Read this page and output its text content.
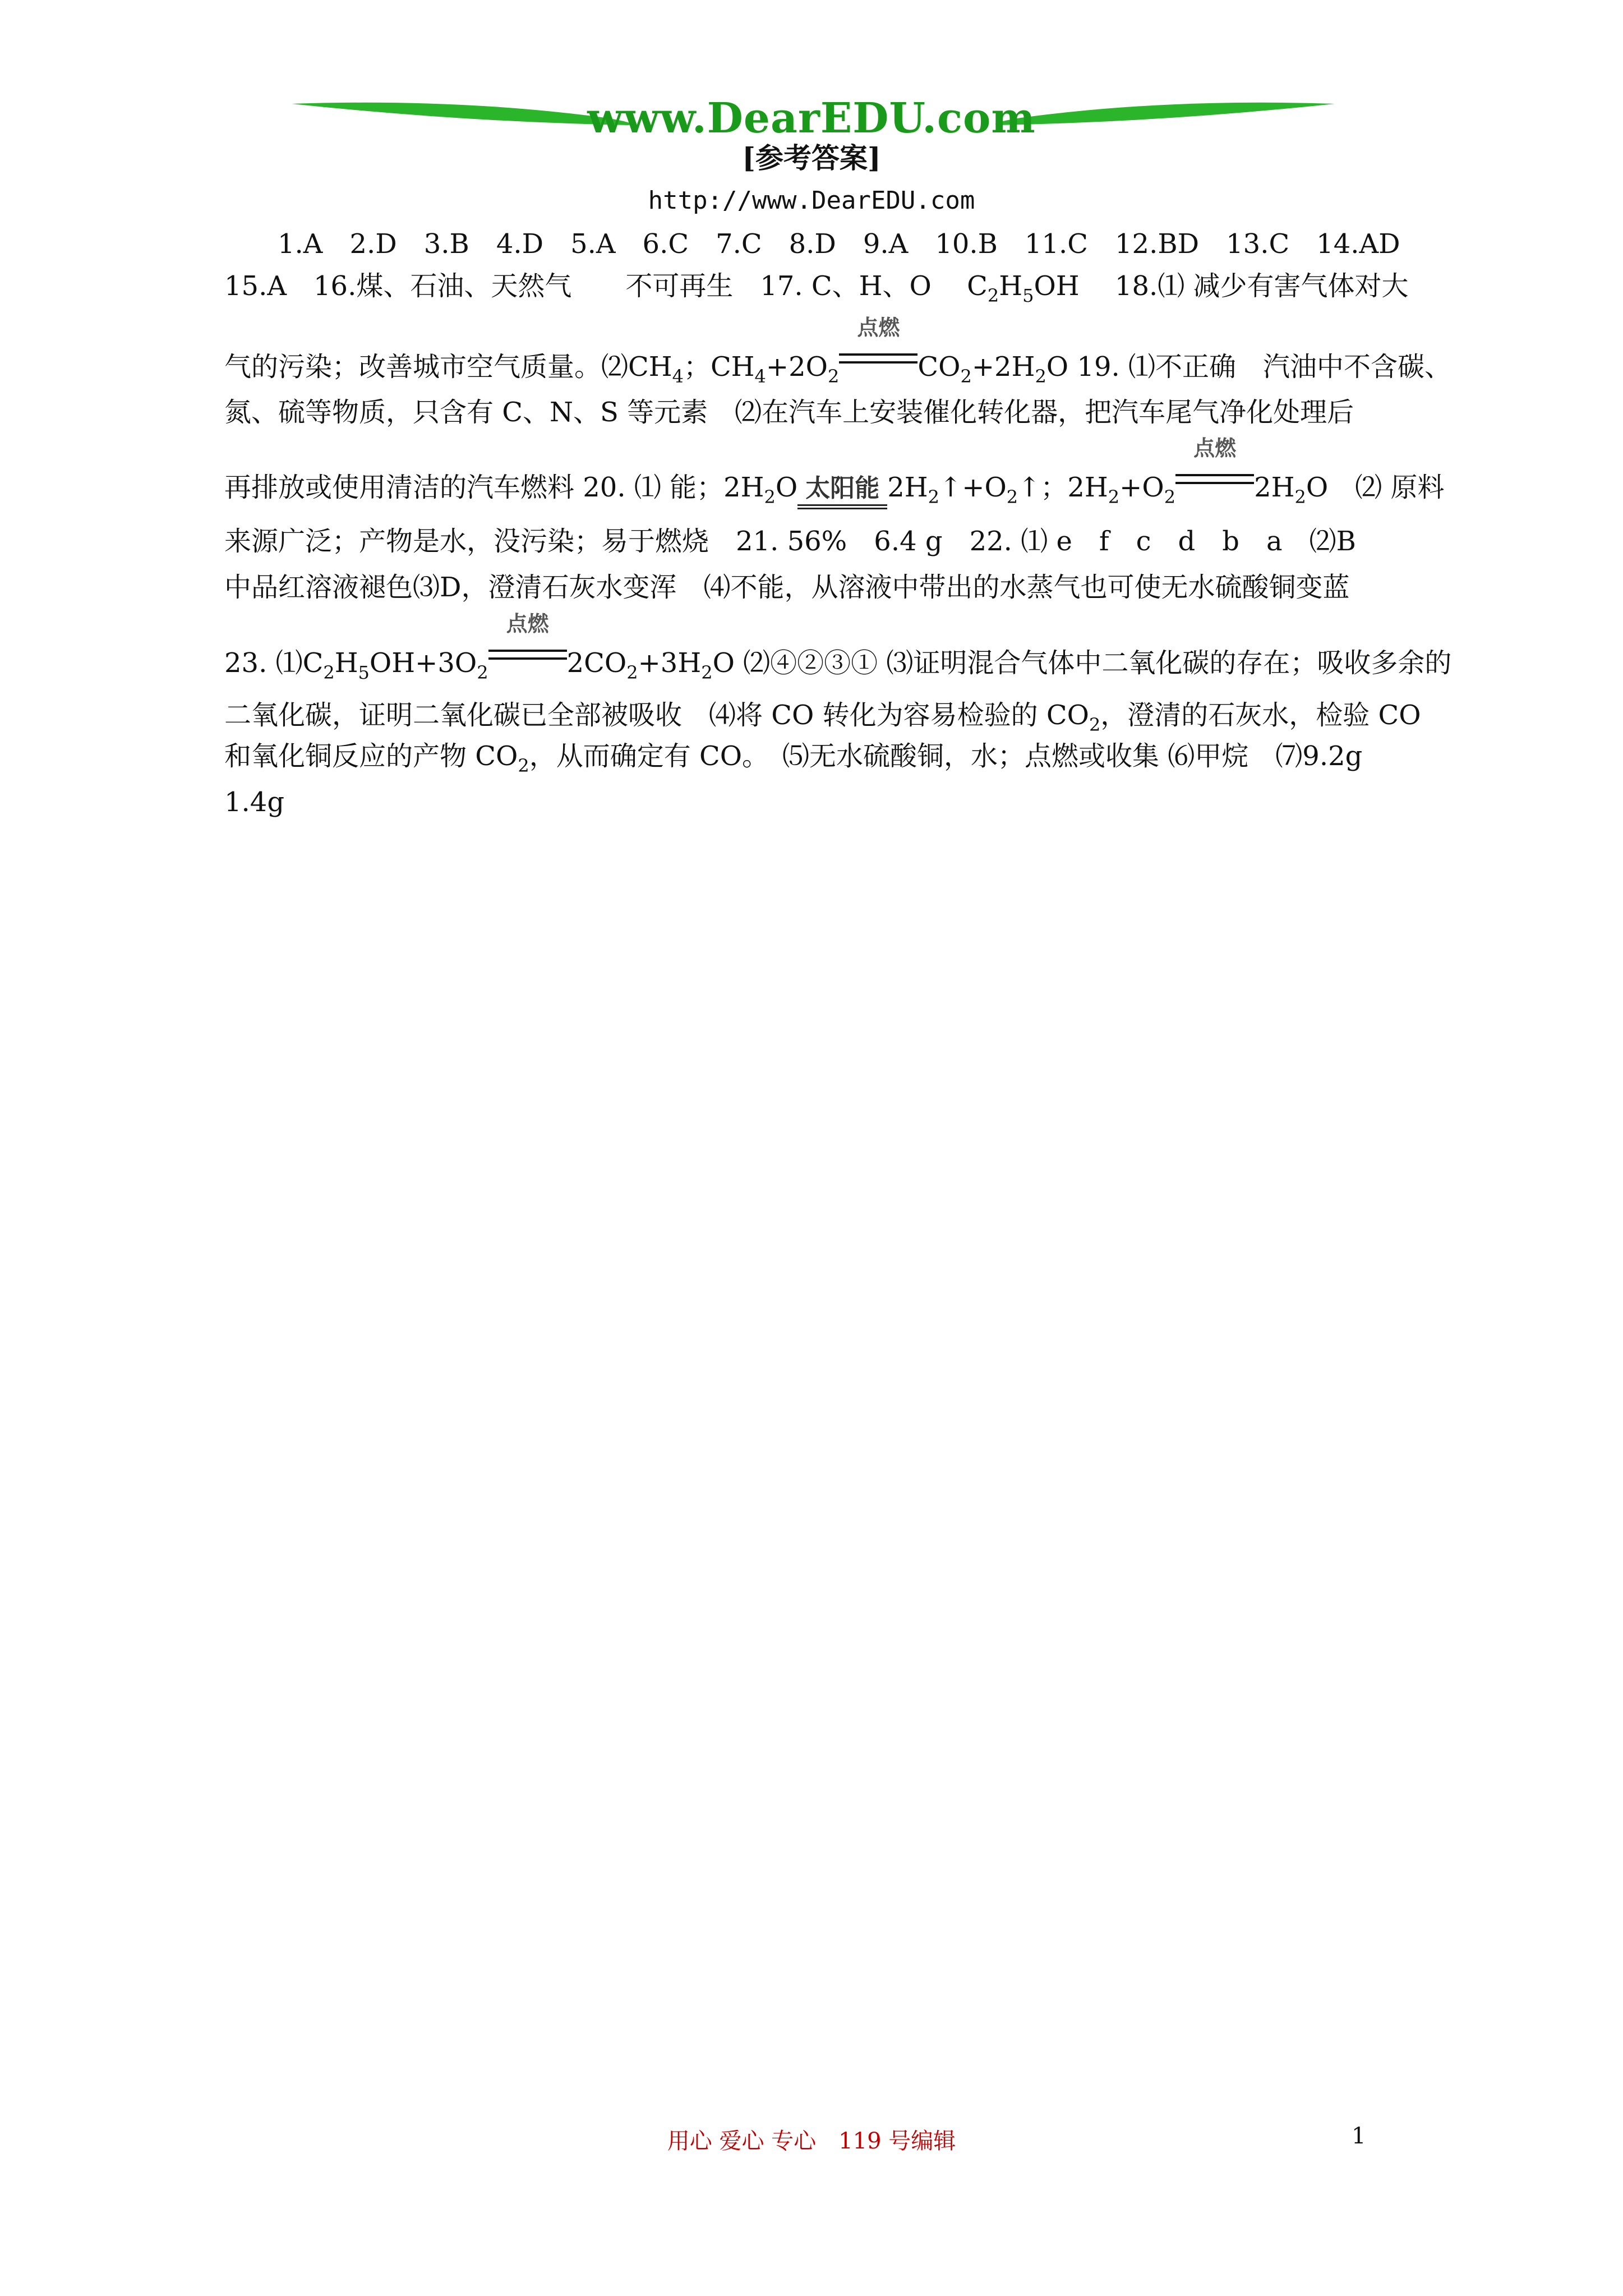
www.DearEDU.com
[参考答案]
http://www.DearEDU.com
1.A　2.D　3.B　4.D　5.A　6.C　7.C　8.D　9.A　10.B　11.C　12.BD　13.C　14.AD
15.A　16.煤、石油、天然气　　不可再生　17. C、H、O　 $C_2H_5OH$　 18.⑴ 减少有害气体对大
气的污染；改善城市空气质量。$⑵CH_4$；$CH_4+2O_2$
点燃
$CO_2+2H_2O$ 19. ⑴不正确　汽油中不含碳、
氮、硫等物质，只含有 C、N、S 等元素　⑵在汽车上安装催化转化器，把汽车尾气净化处理后
再排放或使用清洁的汽车燃料 20. ⑴ 能；$2H_2O$ 太阳能 $2H_2↑+O_2↑$；$2H_2+O_2$
点燃
$2H_2O$　⑵ 原料
来源广泛；产物是水，没污染；易于燃烧　21. 56%　6.4 g　22. ⑴ e　f　c　d　b　a　⑵B
中品红溶液褪色⑶D，澄清石灰水变浑　⑷不能，从溶液中带出的水蒸气也可使无水硫酸铜变蓝
23. $⑴C_2H_5OH+3O_2$
点燃
$2CO_2+3H_2O$ ⑵④②③① ⑶证明混合气体中二氧化碳的存在；吸收多余的
二氧化碳，证明二氧化碳已全部被吸收　⑷将 CO 转化为容易检验的 $CO_2$，澄清的石灰水，检验 CO
和氧化铜反应的产物 $CO_2$，从而确定有 CO。　⑸无水硫酸铜，水；点燃或收集 ⑹甲烷　⑺9.2g
1.4g
用心 爱心 专心　119 号编辑	1
